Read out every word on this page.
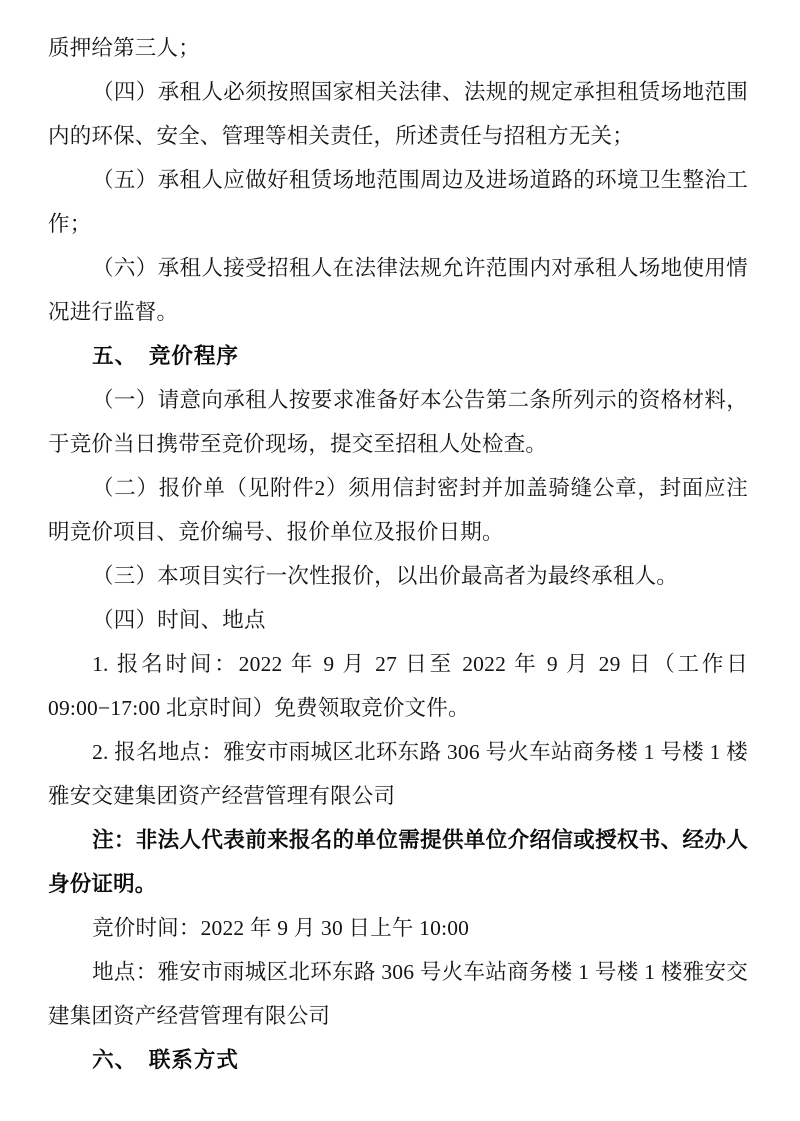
质押给第三人；

（四）承租人必须按照国家相关法律、法规的规定承担租赁场地范围内的环保、安全、管理等相关责任，所述责任与招租方无关；

（五）承租人应做好租赁场地范围周边及进场道路的环境卫生整治工作；

（六）承租人接受招租人在法律法规允许范围内对承租人场地使用情况进行监督。

五、 竞价程序

（一）请意向承租人按要求准备好本公告第二条所列示的资格材料，于竞价当日携带至竞价现场，提交至招租人处检查。

（二）报价单（见附件2）须用信封密封并加盖骑缝公章，封面应注明竞价项目、竞价编号、报价单位及报价日期。

（三）本项目实行一次性报价，以出价最高者为最终承租人。

（四）时间、地点

1. 报名时间：2022 年 9 月 27 日至 2022 年 9 月 29 日（工作日 09:00−17:00 北京时间）免费领取竞价文件。

2. 报名地点：雅安市雨城区北环东路 306 号火车站商务楼 1 号楼 1 楼雅安交建集团资产经营管理有限公司

注：非法人代表前来报名的单位需提供单位介绍信或授权书、经办人身份证明。

竞价时间：2022 年 9 月 30 日上午 10:00

地点：雅安市雨城区北环东路 306 号火车站商务楼 1 号楼 1 楼雅安交建集团资产经营管理有限公司

六、 联系方式
